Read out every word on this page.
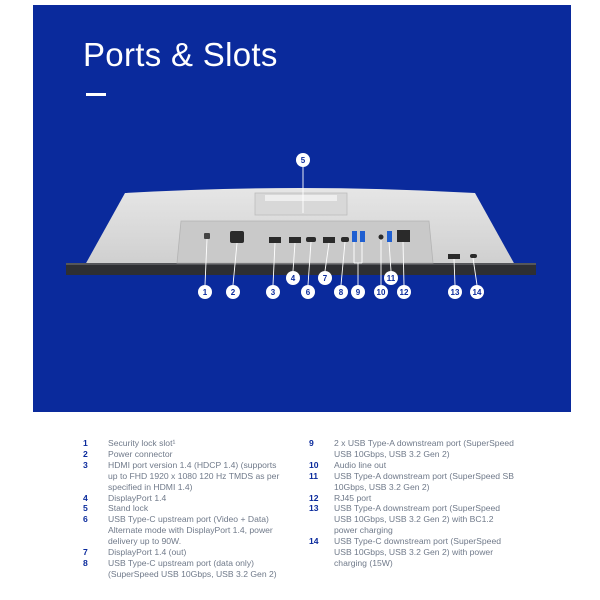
Ports & Slots
5
1	2	3
4
6
7
8 9 10
11
12	13 14
1 Security lock slot¹
2 Power connector
3 HDMI port version 1.4 (HDCP 1.4) (supports up to FHD 1920 x 1080 120 Hz TMDS as per specified in HDMI 1.4)
4 DisplayPort 1.4
5 Stand lock
6 USB Type-C upstream port (Video + Data) Alternate mode with DisplayPort 1.4, power delivery up to 90W.
7 DisplayPort 1.4 (out)
8 USB Type-C upstream port (data only) (SuperSpeed USB 10Gbps, USB 3.2 Gen 2)
9 2 x USB Type-A downstream port (SuperSpeed USB 10Gbps, USB 3.2 Gen 2)
10 Audio line out
11 USB Type-A downstream port (SuperSpeed SB 10Gbps, USB 3.2 Gen 2)
12 RJ45 port
13 USB Type-A downstream port (SuperSpeed USB 10Gbps, USB 3.2 Gen 2) with BC1.2 power charging
14 USB Type-C downstream port (SuperSpeed USB 10Gbps, USB 3.2 Gen 2) with power charging (15W)
